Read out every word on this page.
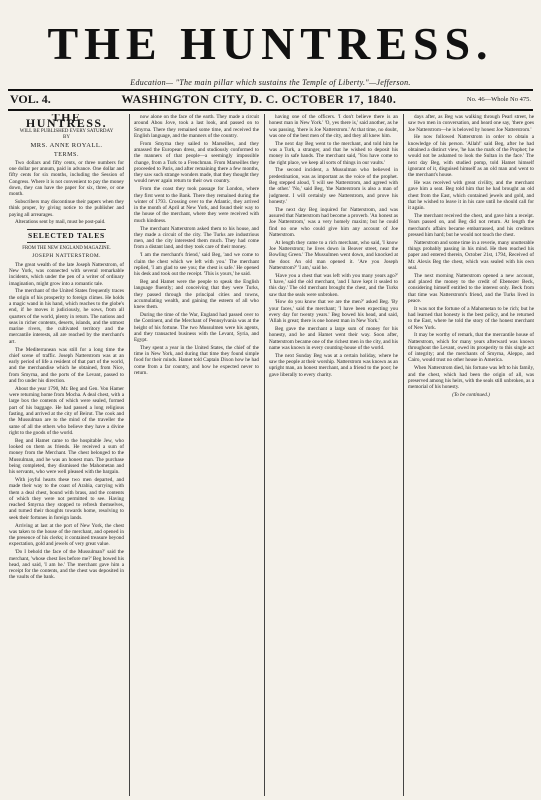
THE HUNTRESS.
Education— "The main pillar which sustains the Temple of Liberty."—Jefferson.
VOL. 4.	WASHINGTON CITY, D. C. OCTOBER 17, 1840.	No. 46—Whole No 475.
THE HUNTRESS.
WILL BE PUBLISHED EVERY SATURDAY
BY
MRS. ANNE ROYALL.
TERMS.

Two dollars and fifty cents, or three numbers for one dollar per annum, paid in advance. One dollar and fifty cents for six months, including the Session of Congress. Where it is not convenient to pay the money down, they can have the paper for six, three, or one month.

Subscribers may discontinue their papers when they think proper, by giving notice to the publisher and paying all arrearages.

Alterations sent by mail, must be post-paid.

SELECTED TALES
FROM THE NEW ENGLAND MAGAZINE.
JOSEPH NATTERSTROM.

The great wealth of the late Joseph Natterstrom, of New York, was connected with several remarkable incidents, which under the pen of a writer of ordinary imagination, might grow into a romantic tale.

The merchant of the United States frequently traces the origin of his prosperity to foreign climes. He holds a magic wand in his hand, which reaches to the globe's end, if he moves it judiciously, he sows, from all quarters of the world, plenty in return. The nations and seas in richer contents, deserts, islands, and the utmost marine rivers, the cultivated territory and the mercantile interests, all are reached by the merchant's art.

The Mediterranean was still for a long time the chief scene of traffic. Joseph Natterstrom was at an early period of life a resident of that part of the world, and the merchandise which he obtained, from Nice, from Smyrna, and the ports of the Levant, passed to and fro under his direction.

About the year 1790, Mr. Beg and Gen. Von Hamer were returning home from Mocha. A deal chest, with a large box the contents of which were sealed, formed part of his baggage. He had passed a long religious fasting, and arrived at the city of Beirut. The cook and the Mussulman are to the mind of the traveller the same of all the others who believe they have a divine right to the goods of the world.

Beg and Hamet came to the hospitable Jew, who looked on them as friends. He received a sum of money from the Merchant. The chest belonged to the Mussulman, and he was an honest man. The purchase being completed, they dismissed the Mahometan and his servants, who were well pleased with the bargain.

With joyful hearts these two men departed, and made their way to the coast of Arabia, carrying with them a deal chest, bound with brass, and the contents of which they were not permitted to see. Having reached Smyrna they stopped to refresh themselves, and turned their thoughts towards home, resolving to seek their fortunes in foreign lands.

Arriving at last at the port of New York, the chest was taken to the house of the merchant, and opened in the presence of his clerks; it contained treasure beyond expectation, gold and jewels of very great value.

'Do I behold the face of the Mussulman?' said the merchant, 'whose chest lies before me?' Beg bowed his head, and said, 'I am he.' The merchant gave him a receipt for the contents, and the chest was deposited in the vaults of the bank.

now alone on the face of the earth. They made a circuit around Abou Jove, took a last look, and passed on to Smyrna. There they remained some time, and received the English language, and the manners of the country.

From Smyrna they sailed to Marseilles, and they amassed the European dress, and studiously conformed to the manners of that people—a seemingly impossible change, from a Turk to a Frenchman. From Marseilles they proceeded to Paris, and after remaining there a few months, they saw such strange wonders made, that they thought they would never again return to their own country.

From the coast they took passage for London, where they first went to the Bank. There they remained during the winter of 1793. Crossing over to the Atlantic, they arrived in the month of April at New York, and found their way to the house of the merchant, where they were received with much kindness.

The merchant Natterstrom asked them to his house, and they made a circuit of the city. The Turks are industrious men, and the city interested them much. They had come from a distant land, and they took care of their money.

'I am the merchant's friend,' said Beg, 'and we come to claim the chest which we left with you.' The merchant replied, 'I am glad to see you; the chest is safe.' He opened his desk and took out the receipt. 'This is yours,' he said.

Beg and Hamet were the people to speak the English language fluently; and conceiving that they were Turks, they passed through the principal cities and towns, accumulating wealth, and gaining the esteem of all who knew them.

During the time of the War, England had passed over to the Continent, and the Merchant of Pennsylvania was at the height of his fortune. The two Mussulmen were his agents, and they transacted business with the Levant, Syria, and Egypt.

They spent a year in the United States, the chief of the time in New York, and during that time they found simple food for their minds. Hamet told Captain Dixon how he had come from a far country, and how he expected never to return.

having one of the officers. 'I don't believe there is an honest man in New York.' 'O, yes there is,' said another, as he was passing, 'there is Joe Natterstrom.' At that time, no doubt, was one of the best men of the city, and they all knew him.

The next day Beg went to the merchant, and told him he was a Turk, a stranger, and that he wished to deposit his money in safe hands. The merchant said, 'You have come to the right place, we keep all sorts of things in our vaults.'

The second incident, a Mussulman who believed in predestination, was as important as the voice of the prophet. Beg stepped aloud, 'I will see Natterstrom, and agreed with the other.' 'No,' said Beg, 'the Natterstrom is also a man of judgment. I will certainly see Natterstrom, and prove his honesty.'

The next day Beg inquired for Natterstrom, and was assured that Natterstrom had become a proverb. 'An honest as Joe Natterstrom,' was a very homely maxim; but he could find no one who could give him any account of Joe Natterstrom.

At length they came to a rich merchant, who said, 'I know Joe Natterstrom; he lives down in Beaver street, near the Bowling Green.' The Mussulmen went down, and knocked at the door. An old man opened it. 'Are you Joseph Natterstrom?' 'I am,' said he.

'Have you a chest that was left with you many years ago?' 'I have,' said the old merchant, 'and I have kept it sealed to this day.' The old merchant brought the chest, and the Turks saw that the seals were unbroken.

'How do you know that we are the men?' asked Beg. 'By your faces,' said the merchant; 'I have been expecting you every day for twenty years.' Beg bowed his head, and said, 'Allah is great; there is one honest man in New York.'

Beg gave the merchant a large sum of money for his honesty, and he and Hamet went their way. Soon after, Natterstrom became one of the richest men in the city, and his name was known in every counting-house of the world.

The next Sunday Beg was at a certain holiday, where he saw the people at their worship. Natterstrom was known as an upright man, an honest merchant, and a friend to the poor; he gave liberally to every charity.

days after, as Beg was walking through Pearl street, he saw two men in conversation, and heard one say, 'there goes Joe Natterstrom—he is beloved by honest Joe Natterstrom.'

He now followed Natterstrom in order to obtain a knowledge of his person. 'Allah!' said Beg, after he had obtained a distinct view, 'he has the mark of the Prophet; he would not be ashamed to look the Sultan in the face.' The next day Beg, with studied pomp, told Hamet himself ignorant of it, disguised himself as an old man and went to the merchant's house.

He was received with great civility, and the merchant gave him a seat. Beg told him that he had brought an old chest from the East, which contained jewels and gold, and that he wished to leave it in his care until he should call for it again.

The merchant received the chest, and gave him a receipt. Years passed on, and Beg did not return. At length the merchant's affairs became embarrassed, and his creditors pressed him hard; but he would not touch the chest.

Natterstrom and some time in a reverie, many unutterable things probably passing in his mind. He then reached his paper and entered therein, October 21st, 1794, Received of Mr. Alexis Beg the chest, which was sealed with his own seal.

The next morning Natterstrom opened a new account, and placed the money to the credit of Ebenezer Beck, considering himself entitled to the interest only. Beck from that time was Natterstrom's friend, and the Turks lived in peace.

It was not the fortune of a Mahometan to be rich; but he had learned that honesty is the best policy, and he returned to the East, where he told the story of the honest merchant of New York.

It may be worthy of remark, that the mercantile house of Natterstrom, which for many years afterward was known throughout the Levant, owed its prosperity to this single act of integrity; and the merchants of Smyrna, Aleppo, and Cairo, would trust no other house in America.

When Natterstrom died, his fortune was left to his family, and the chest, which had been the origin of all, was preserved among his heirs, with the seals still unbroken, as a memorial of his honesty.

(To be continued.)
